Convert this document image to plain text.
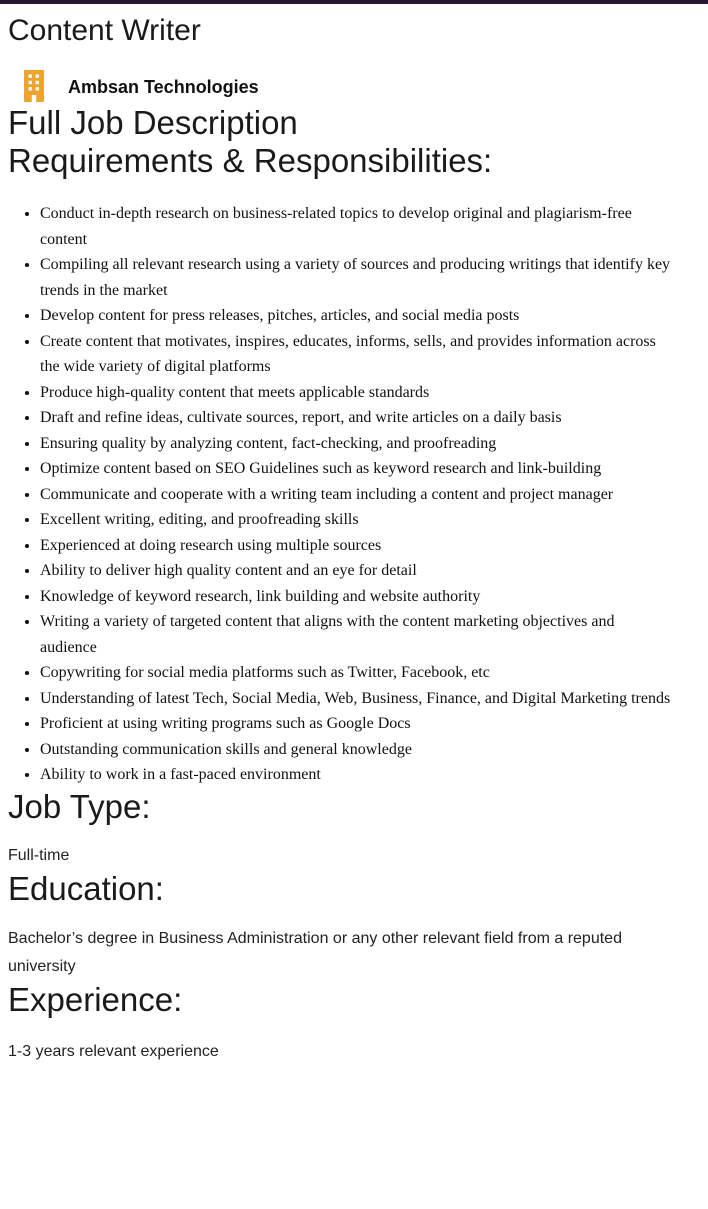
Content Writer
Ambsan Technologies
Full Job Description
Requirements & Responsibilities:
• Conduct in-depth research on business-related topics to develop original and plagiarism-free content
• Compiling all relevant research using a variety of sources and producing writings that identify key trends in the market
• Develop content for press releases, pitches, articles, and social media posts
• Create content that motivates, inspires, educates, informs, sells, and provides information across the wide variety of digital platforms
• Produce high-quality content that meets applicable standards
• Draft and refine ideas, cultivate sources, report, and write articles on a daily basis
• Ensuring quality by analyzing content, fact-checking, and proofreading
• Optimize content based on SEO Guidelines such as keyword research and link-building
• Communicate and cooperate with a writing team including a content and project manager
• Excellent writing, editing, and proofreading skills
• Experienced at doing research using multiple sources
• Ability to deliver high quality content and an eye for detail
• Knowledge of keyword research, link building and website authority
• Writing a variety of targeted content that aligns with the content marketing objectives and audience
• Copywriting for social media platforms such as Twitter, Facebook, etc
• Understanding of latest Tech, Social Media, Web, Business, Finance, and Digital Marketing trends
• Proficient at using writing programs such as Google Docs
• Outstanding communication skills and general knowledge
• Ability to work in a fast-paced environment
Job Type:

Full-time

Education:

Bachelor’s degree in Business Administration or any other relevant field from a reputed university

Experience:

1-3 years relevant experience
